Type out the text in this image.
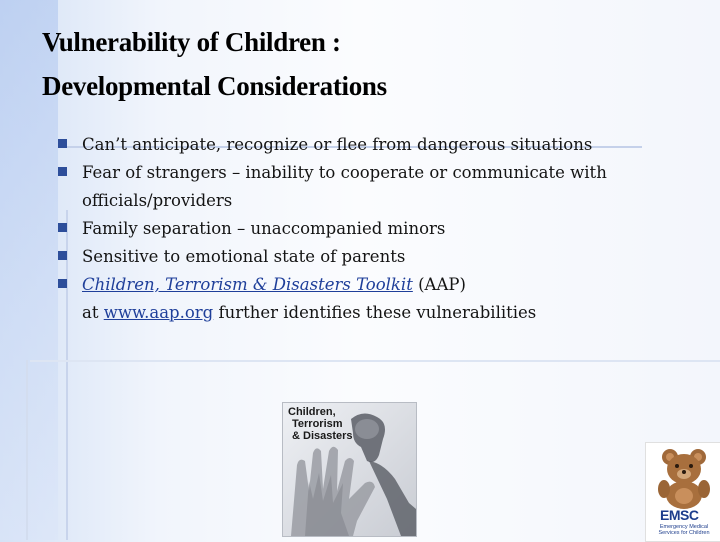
Vulnerability of Children :
Developmental Considerations
Can’t anticipate, recognize or flee from dangerous situations
Fear of strangers – inability to cooperate or communicate with officials/providers
Family separation – unaccompanied minors
Sensitive to emotional state of parents
Children, Terrorism & Disasters Toolkit (AAP)
at www.aap.org further identifies these vulnerabilities
Children,
Terrorism
& Disasters
EMSC
Emergency Medical Services for Children
